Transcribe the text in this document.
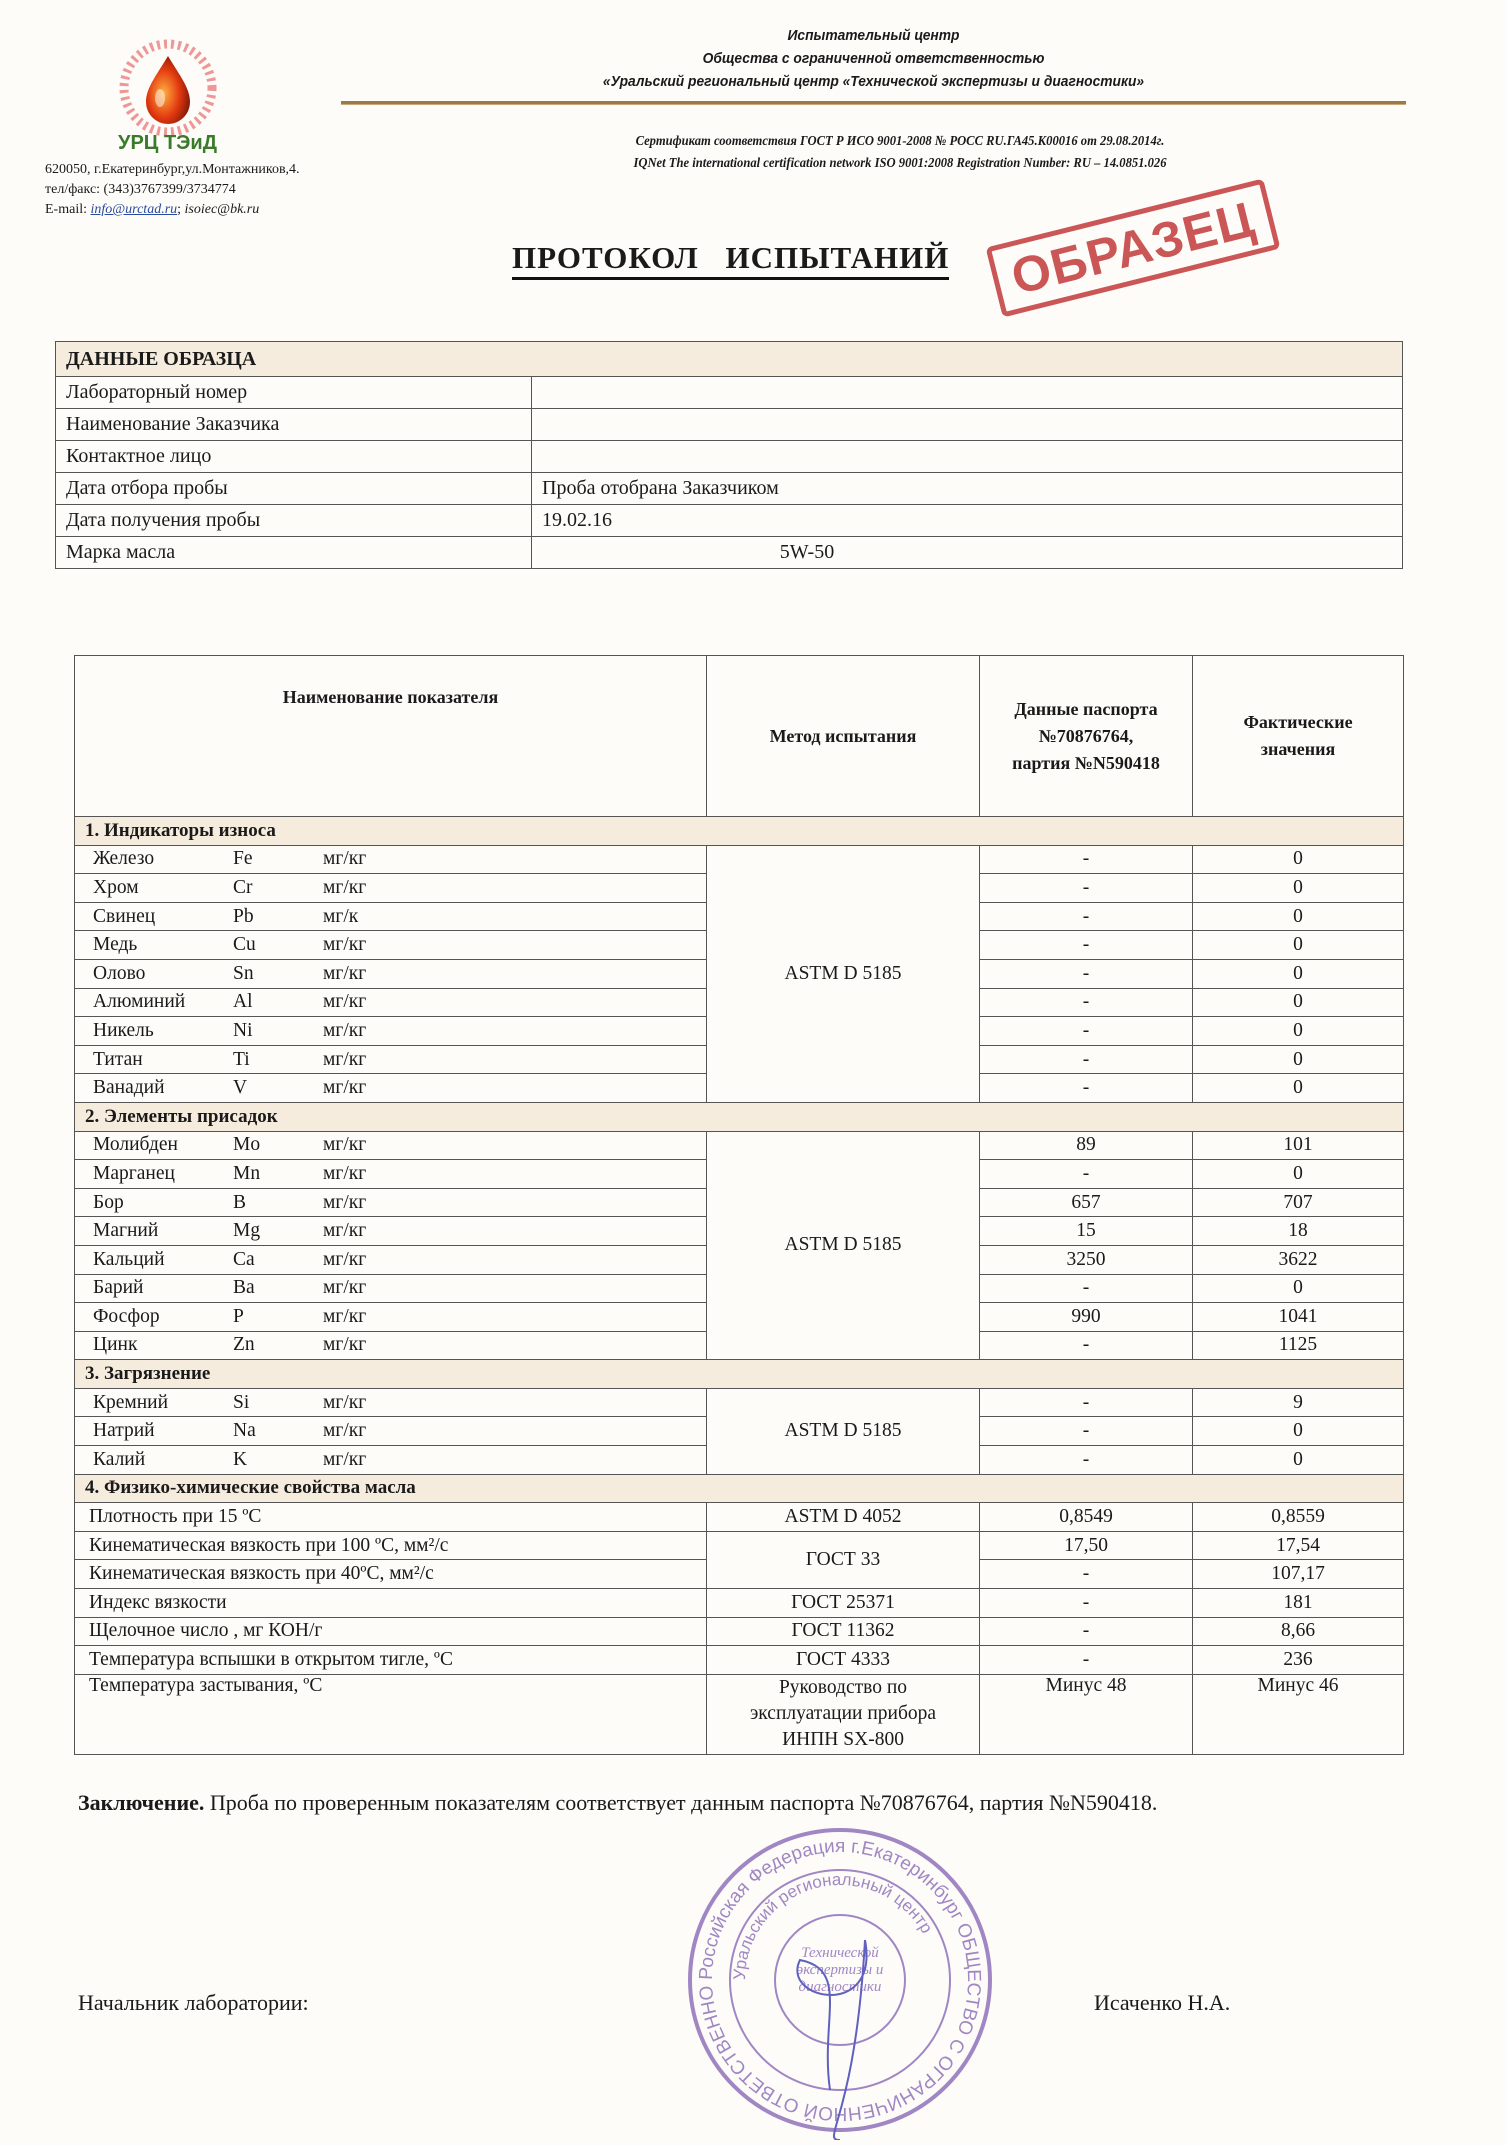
Испытательный центр
Общества с ограниченной ответственностью
«Уральский региональный центр «Технической экспертизы и диагностики»
Сертификат соответствия ГОСТ Р ИСО 9001-2008 № РОСС RU.ГА45.К00016 от 29.08.2014г.
IQNet The international certification network ISO 9001:2008 Registration Number: RU – 14.0851.026
УРЦ ТЭиД
620050, г.Екатеринбург,ул.Монтажников,4.
тел/факс: (343)3767399/3734774
E-mail: info@urctad.ru; isoiec@bk.ru
ПРОТОКОЛ ИСПЫТАНИЙ	ОБРАЗЕЦ
ДАННЫЕ ОБРАЗЦА	
Лабораторный номер	
Наименование Заказчика	
Контактное лицо	
Дата отбора пробы	Проба отобрана Заказчиком
Дата получения пробы	19.02.16
Марка масла	5W-50
Наименование показателя	Метод испытания	Данные паспорта №70876764, партия №N590418	Фактические значения
1. Индикаторы износа			
Железо Fe мг/кг	ASTM D 5185	-	0
Хром Cr мг/кг		-	0
Свинец Pb мг/к		-	0
Медь Cu мг/кг		-	0
Олово Sn мг/кг		-	0
Алюминий Al мг/кг		-	0
Никель Ni мг/кг		-	0
Титан Ti мг/кг		-	0
Ванадий V мг/кг		-	0
2. Элементы присадок			
Молибден Mo мг/кг	ASTM D 5185	89	101
Марганец Mn мг/кг		-	0
Бор B мг/кг		657	707
Магний Mg мг/кг		15	18
Кальций Ca мг/кг		3250	3622
Барий Ba мг/кг		-	0
Фосфор P мг/кг		990	1041
Цинк Zn мг/кг		-	1125
3. Загрязнение			
Кремний Si мг/кг	ASTM D 5185	-	9
Натрий Na мг/кг		-	0
Калий K мг/кг		-	0
4. Физико-химические свойства масла			
Плотность при 15 ºС	ASTM D 4052	0,8549	0,8559
Кинематическая вязкость при 100 ºС, мм²/с	ГОСТ 33	17,50	17,54
Кинематическая вязкость при 40ºС, мм²/с		-	107,17
Индекс вязкости	ГОСТ 25371	-	181
Щелочное число , мг КОН/г	ГОСТ 11362	-	8,66
Температура вспышки в открытом тигле, ºС	ГОСТ 4333	-	236
Температура застывания, ºС	Руководство по эксплуатации прибора ИНПН SX-800	Минус 48	Минус 46
Заключение. Проба по проверенным показателям соответствует данным паспорта №70876764, партия №N590418.
Российская Федерация г.Екатеринбург ОБЩЕСТВО С ОГРАНИЧЕННОЙ ОТВЕТСТВЕННО
Уральский региональный центр
Технической экспертизы и диагностики
Начальник лаборатории:	Исаченко Н.А.
